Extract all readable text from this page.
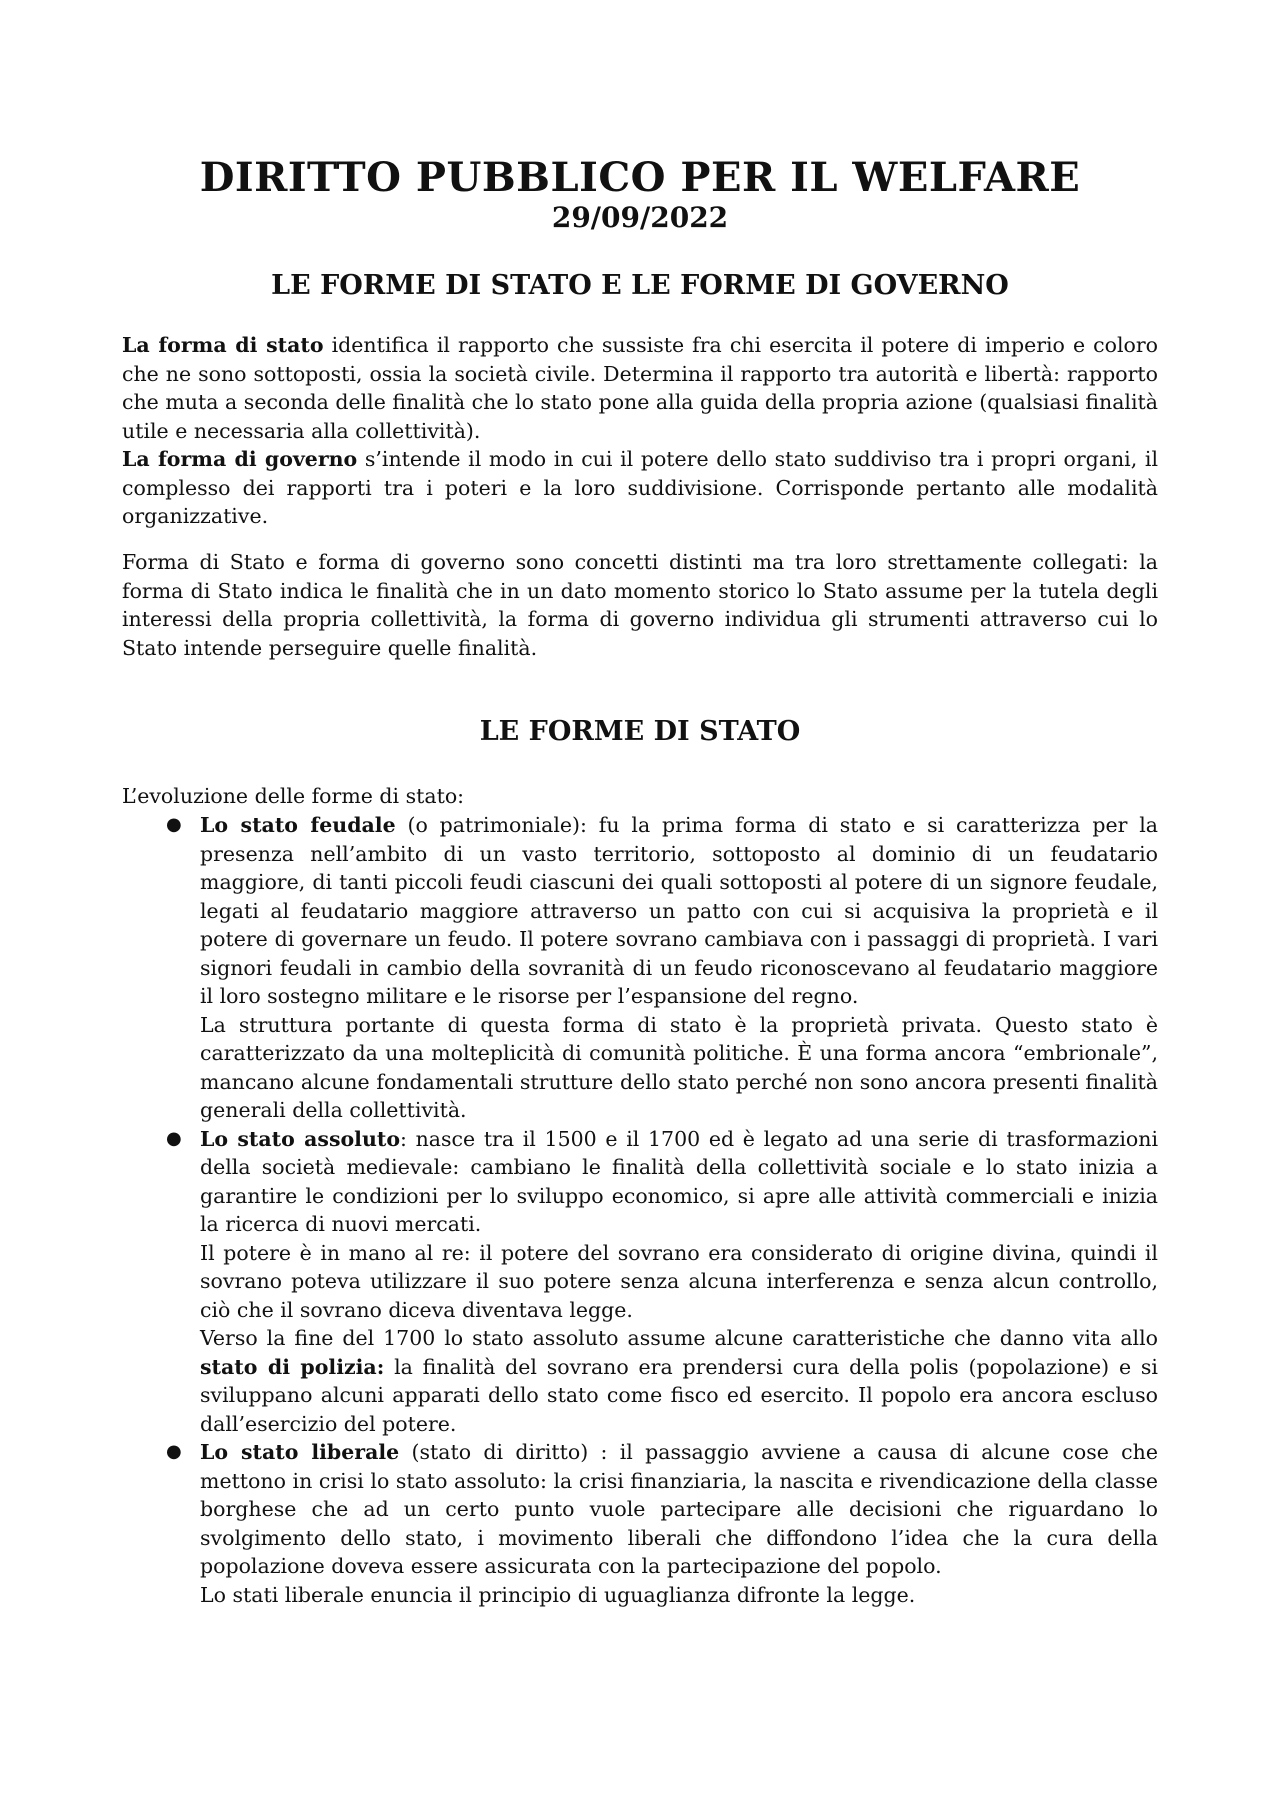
DIRITTO PUBBLICO PER IL WELFARE
29/09/2022
LE FORME DI STATO E LE FORME DI GOVERNO
La forma di stato identifica il rapporto che sussiste fra chi esercita il potere di imperio e coloro che ne sono sottoposti, ossia la società civile. Determina il rapporto tra autorità e libertà: rapporto che muta a seconda delle finalità che lo stato pone alla guida della propria azione (qualsiasi finalità utile e necessaria alla collettività).
La forma di governo s’intende il modo in cui il potere dello stato suddiviso tra i propri organi, il complesso dei rapporti tra i poteri e la loro suddivisione. Corrisponde pertanto alle modalità organizzative.
Forma di Stato e forma di governo sono concetti distinti ma tra loro strettamente collegati: la forma di Stato indica le finalità che in un dato momento storico lo Stato assume per la tutela degli interessi della propria collettività, la forma di governo individua gli strumenti attraverso cui lo Stato intende perseguire quelle finalità.
LE FORME DI STATO
L’evoluzione delle forme di stato:
● Lo stato feudale (o patrimoniale): fu la prima forma di stato e si caratterizza per la presenza nell’ambito di un vasto territorio, sottoposto al dominio di un feudatario maggiore, di tanti piccoli feudi ciascuni dei quali sottoposti al potere di un signore feudale, legati al feudatario maggiore attraverso un patto con cui si acquisiva la proprietà e il potere di governare un feudo. Il potere sovrano cambiava con i passaggi di proprietà. I vari signori feudali in cambio della sovranità di un feudo riconoscevano al feudatario maggiore il loro sostegno militare e le risorse per l’espansione del regno.
La struttura portante di questa forma di stato è la proprietà privata. Questo stato è caratterizzato da una molteplicità di comunità politiche. È una forma ancora “embrionale”, mancano alcune fondamentali strutture dello stato perché non sono ancora presenti finalità generali della collettività.
● Lo stato assoluto: nasce tra il 1500 e il 1700 ed è legato ad una serie di trasformazioni della società medievale: cambiano le finalità della collettività sociale e lo stato inizia a garantire le condizioni per lo sviluppo economico, si apre alle attività commerciali e inizia la ricerca di nuovi mercati.
Il potere è in mano al re: il potere del sovrano era considerato di origine divina, quindi il sovrano poteva utilizzare il suo potere senza alcuna interferenza e senza alcun controllo, ciò che il sovrano diceva diventava legge.
Verso la fine del 1700 lo stato assoluto assume alcune caratteristiche che danno vita allo stato di polizia: la finalità del sovrano era prendersi cura della polis (popolazione) e si sviluppano alcuni apparati dello stato come fisco ed esercito. Il popolo era ancora escluso dall’esercizio del potere.
● Lo stato liberale (stato di diritto) : il passaggio avviene a causa di alcune cose che mettono in crisi lo stato assoluto: la crisi finanziaria, la nascita e rivendicazione della classe borghese che ad un certo punto vuole partecipare alle decisioni che riguardano lo svolgimento dello stato, i movimento liberali che diffondono l’idea che la cura della popolazione doveva essere assicurata con la partecipazione del popolo.
Lo stati liberale enuncia il principio di uguaglianza difronte la legge.
